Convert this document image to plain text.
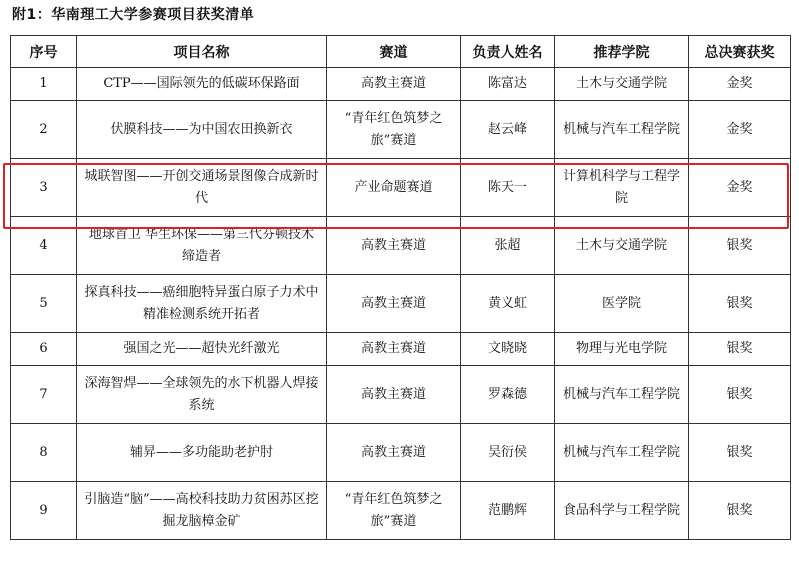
附1：华南理工大学参赛项目获奖清单
序号	项目名称	赛道	负责人姓名	推荐学院	总决赛获奖
1	CTP——国际领先的低碳环保路面	高教主赛道	陈富达	土木与交通学院	金奖
2	伏膜科技——为中国农田换新衣	“青年红色筑梦之旅”赛道	赵云峰	机械与汽车工程学院	金奖
3	城联智图——开创交通场景图像合成新时代	产业命题赛道	陈天一	计算机科学与工程学院	金奖
4	地球首卫 华生环保——第三代芬顿技术缔造者	高教主赛道	张超	土木与交通学院	银奖
5	探真科技——癌细胞特异蛋白原子力术中精准检测系统开拓者	高教主赛道	黄义虹	医学院	银奖
6	强国之光——超快光纤激光	高教主赛道	文晓晓	物理与光电学院	银奖
7	深海智焊——全球领先的水下机器人焊接系统	高教主赛道	罗森德	机械与汽车工程学院	银奖
8	辅昇——多功能助老护肘	高教主赛道	吴衍侯	机械与汽车工程学院	银奖
9	引脑造“脑”——高校科技助力贫困苏区挖掘龙脑樟金矿	“青年红色筑梦之旅”赛道	范鹏辉	食品科学与工程学院	银奖
